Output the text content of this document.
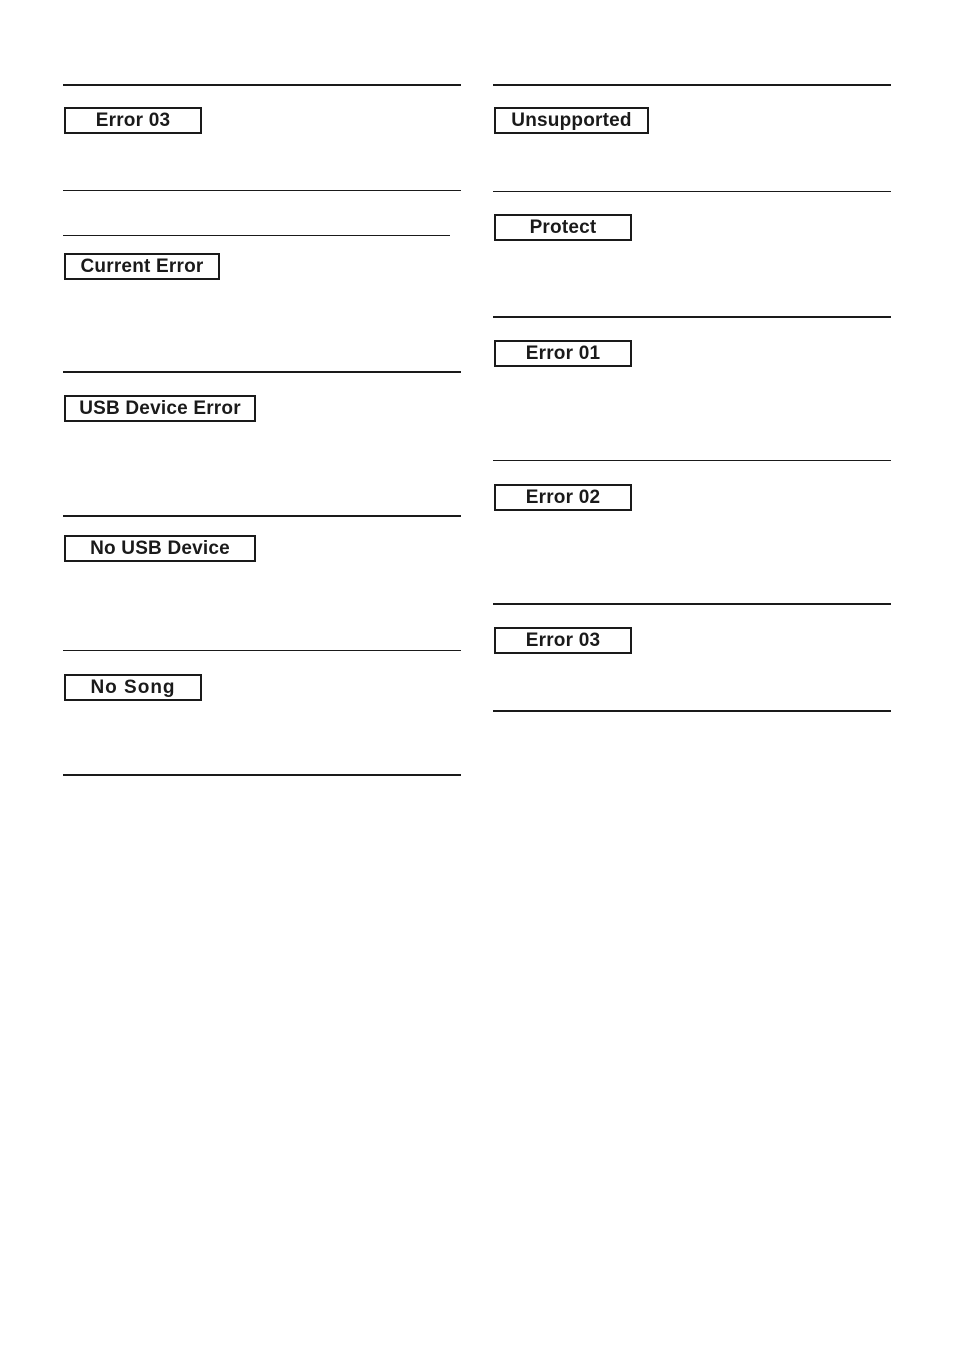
Error 03
Current Error
USB Device Error
No USB Device
No Song
Unsupported
Protect
Error 01
Error 02
Error 03
